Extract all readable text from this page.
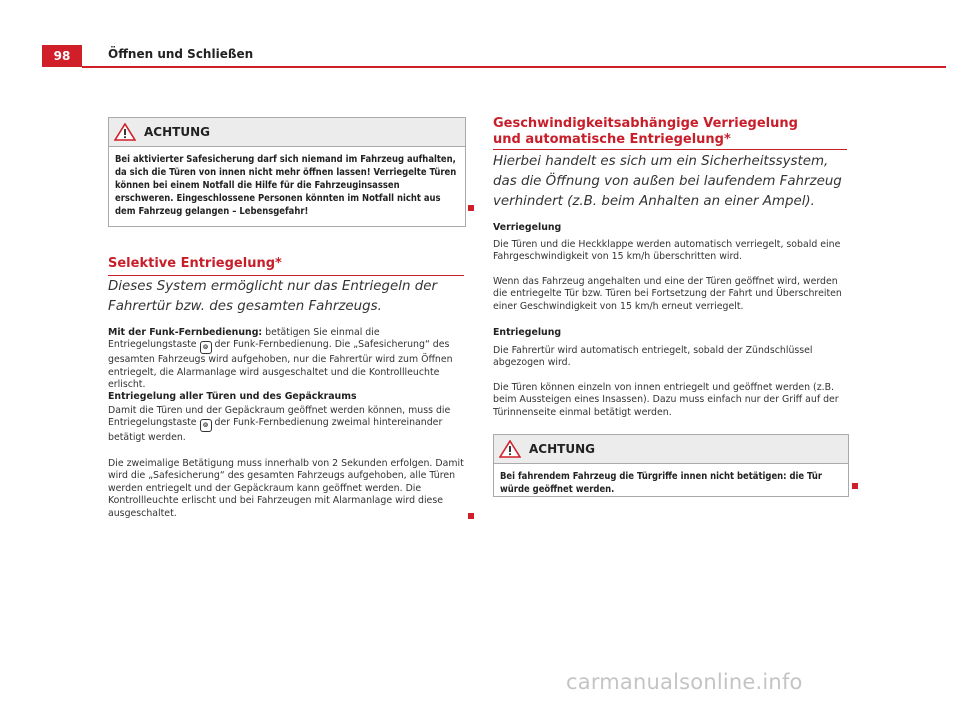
98	Öffnen und Schließen
ACHTUNG
Bei aktivierter Safesicherung darf sich niemand im Fahrzeug aufhalten, da sich die Türen von innen nicht mehr öffnen lassen! Verriegelte Türen können bei einem Notfall die Hilfe für die Fahrzeuginsassen erschweren. Eingeschlossene Personen könnten im Notfall nicht aus dem Fahrzeug gelangen – Lebensgefahr!
Selektive Entriegelung*
Dieses System ermöglicht nur das Entriegeln der Fahrertür bzw. des gesamten Fahrzeugs.
Mit der Funk-Fernbedienung: betätigen Sie einmal die Entriegelungstaste ⊚ der Funk-Fernbedienung. Die „Safesicherung“ des gesamten Fahrzeugs wird aufgehoben, nur die Fahrertür wird zum Öffnen entriegelt, die Alarmanlage wird ausgeschaltet und die Kontrollleuchte erlischt.
Entriegelung aller Türen und des Gepäckraums
Damit die Türen und der Gepäckraum geöffnet werden können, muss die Entriegelungstaste ⊚ der Funk-Fernbedienung zweimal hintereinander betätigt werden.
Die zweimalige Betätigung muss innerhalb von 2 Sekunden erfolgen. Damit wird die „Safesicherung“ des gesamten Fahrzeugs aufgehoben, alle Türen werden entriegelt und der Gepäckraum kann geöffnet werden. Die Kontrollleuchte erlischt und bei Fahrzeugen mit Alarmanlage wird diese ausgeschaltet.
Geschwindigkeitsabhängige Verriegelung und automatische Entriegelung*
Hierbei handelt es sich um ein Sicherheitssystem, das die Öffnung von außen bei laufendem Fahrzeug verhindert (z.B. beim Anhalten an einer Ampel).
Verriegelung
Die Türen und die Heckklappe werden automatisch verriegelt, sobald eine Fahrgeschwindigkeit von 15 km/h überschritten wird.
Wenn das Fahrzeug angehalten und eine der Türen geöffnet wird, werden die entriegelte Tür bzw. Türen bei Fortsetzung der Fahrt und Überschreiten einer Geschwindigkeit von 15 km/h erneut verriegelt.
Entriegelung
Die Fahrertür wird automatisch entriegelt, sobald der Zündschlüssel abgezogen wird.
Die Türen können einzeln von innen entriegelt und geöffnet werden (z.B. beim Aussteigen eines Insassen). Dazu muss einfach nur der Griff auf der Türinnenseite einmal betätigt werden.
ACHTUNG
Bei fahrendem Fahrzeug die Türgriffe innen nicht betätigen: die Tür würde geöffnet werden.
carmanualsonline.info
